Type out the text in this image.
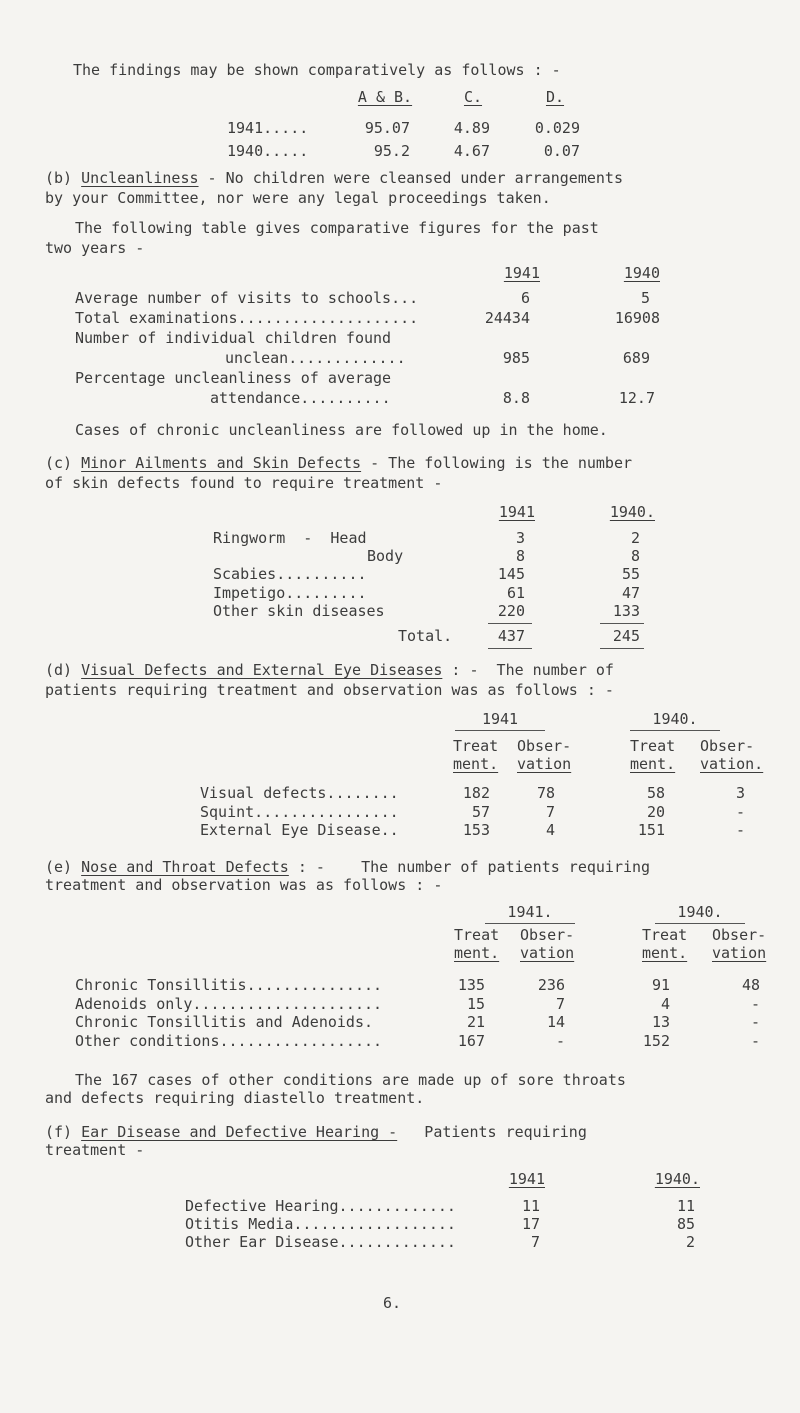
The findings may be shown comparatively as follows : -
A & B.	C.	D.
1941.....	95.07	4.89	0.029
1940.....	95.2	4.67	0.07
(b) Uncleanliness - No children were cleansed under arrangements
by your Committee, nor were any legal proceedings taken.
The following table gives comparative figures for the past
two years -
1941	1940
Average number of visits to schools...	6	5
Total examinations....................	24434	16908
Number of individual children found
unclean.............	985	689
Percentage uncleanliness of average
attendance..........	8.8	12.7
Cases of chronic uncleanliness are followed up in the home.
(c) Minor Ailments and Skin Defects - The following is the number
of skin defects found to require treatment -
1941	1940.
Ringworm  -  Head	3	2
Body	8	8
Scabies..........	145	55
Impetigo.........	61	47
Other skin diseases	220	133
Total.	437	245
(d) Visual Defects and External Eye Diseases : -  The number of
patients requiring treatment and observation was as follows : -
1941	1940.
Treat Obser-	Treat Obser-
ment. vation	ment. vation.
Visual defects........	182	78	58	3
Squint................	57	7	20	-
External Eye Disease..	153	4	151	-
(e) Nose and Throat Defects : -    The number of patients requiring
treatment and observation was as follows : -
1941.	1940.
Treat Obser-	Treat Obser-
ment. vation	ment. vation
Chronic Tonsillitis...............	135	236	91	48
Adenoids only.....................	15	7	4	-
Chronic Tonsillitis and Adenoids.	21	14	13	-
Other conditions..................	167	-	152	-
The 167 cases of other conditions are made up of sore throats
and defects requiring diastello treatment.
(f) Ear Disease and Defective Hearing -   Patients requiring
treatment -
1941	1940.
Defective Hearing.............	11	11
Otitis Media..................	17	85
Other Ear Disease.............	7	2
6.
